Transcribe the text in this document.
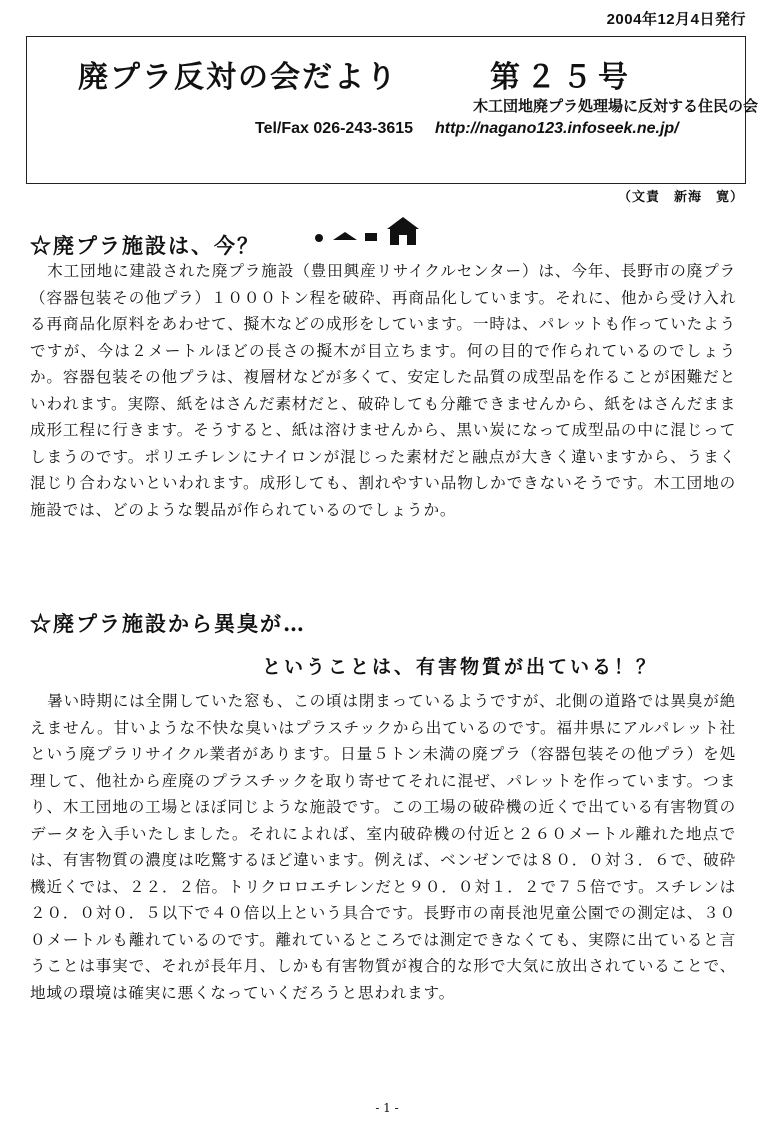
2004年12月4日発行
廃プラ反対の会だより	第２５号
木工団地廃プラ処理場に反対する住民の会
Tel/Fax 026-243-3615 http://nagano123.infoseek.ne.jp/
（文責　新海　寛）
☆廃プラ施設は、今？

木工団地に建設された廃プラ施設（豊田興産リサイクルセンター）は、今年、長野市の廃プラ（容器包装その他プラ）１０００トン程を破砕、再商品化しています。それに、他から受け入れる再商品化原料をあわせて、擬木などの成形をしています。一時は、パレットも作っていたようですが、今は２メートルほどの長さの擬木が目立ちます。何の目的で作られているのでしょうか。容器包装その他プラは、複層材などが多くて、安定した品質の成型品を作ることが困難だといわれます。実際、紙をはさんだ素材だと、破砕しても分離できませんから、紙をはさんだまま成形工程に行きます。そうすると、紙は溶けませんから、黒い炭になって成型品の中に混じってしまうのです。ポリエチレンにナイロンが混じった素材だと融点が大きく違いますから、うまく混じり合わないといわれます。成形しても、割れやすい品物しかできないそうです。木工団地の施設では、どのような製品が作られているのでしょうか。

☆廃プラ施設から異臭が…
ということは、有害物質が出ている！？

暑い時期には全開していた窓も、この頃は閉まっているようですが、北側の道路では異臭が絶えません。甘いような不快な臭いはプラスチックから出ているのです。福井県にアルパレット社という廃プラリサイクル業者があります。日量５トン未満の廃プラ（容器包装その他プラ）を処理して、他社から産廃のプラスチックを取り寄せてそれに混ぜ、パレットを作っています。つまり、木工団地の工場とほぼ同じような施設です。この工場の破砕機の近くで出ている有害物質のデータを入手いたしました。それによれば、室内破砕機の付近と２６０メートル離れた地点では、有害物質の濃度は吃驚するほど違います。例えば、ベンゼンでは８０．０対３．６で、破砕機近くでは、２２．２倍。トリクロロエチレンだと９０．０対１．２で７５倍です。スチレンは２０．０対０．５以下で４０倍以上という具合です。長野市の南長池児童公園での測定は、３００メートルも離れているのです。離れているところでは測定できなくても、実際に出ていると言うことは事実で、それが長年月、しかも有害物質が複合的な形で大気に放出されていることで、地域の環境は確実に悪くなっていくだろうと思われます。

- 1 -
